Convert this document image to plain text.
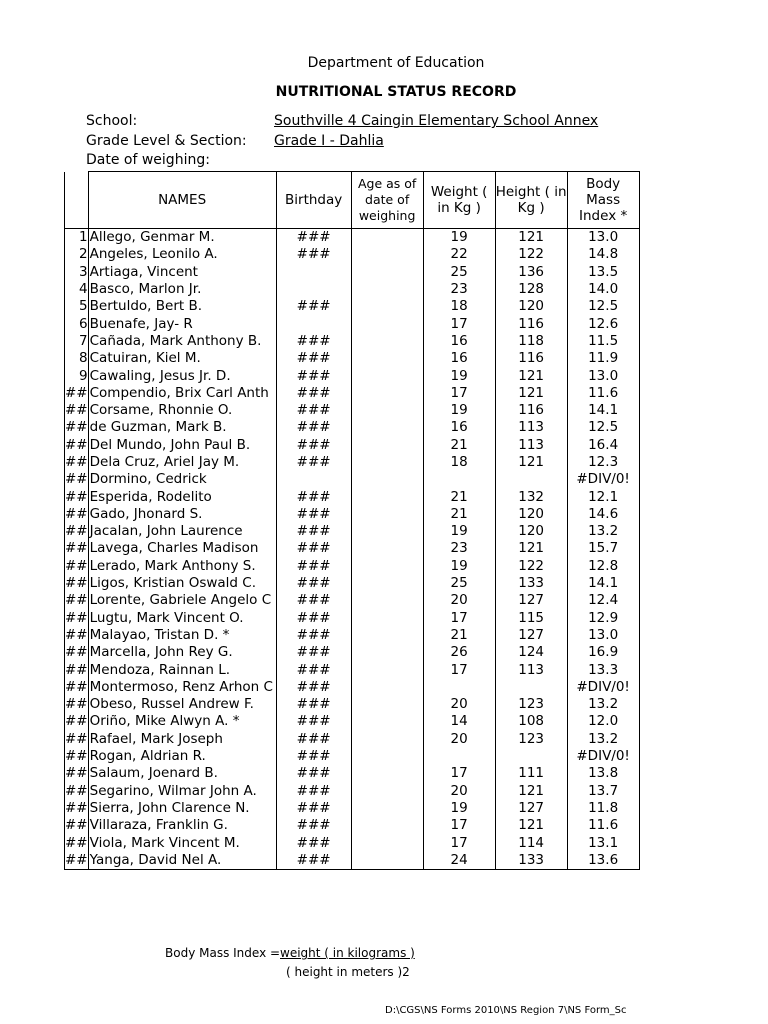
Department of Education
NUTRITIONAL STATUS RECORD
School:	Southville 4 Caingin Elementary School Annex
Grade Level & Section: Grade I - Dahlia
Date of weighing:
	NAMES	Birthday	Age as of date of weighing	Weight ( in Kg )	Height ( in Kg )	Body Mass Index *
1	Allego, Genmar M.	###		19	121	13.0
2	Angeles, Leonilo A.	###		22	122	14.8
3	Artiaga, Vincent			25	136	13.5
4	Basco, Marlon Jr.			23	128	14.0
5	Bertuldo, Bert B.	###		18	120	12.5
6	Buenafe, Jay- R			17	116	12.6
7	Cañada, Mark Anthony B.	###		16	118	11.5
8	Catuiran, Kiel M.	###		16	116	11.9
9	Cawaling, Jesus Jr. D.	###		19	121	13.0
##	Compendio, Brix Carl Anth	###		17	121	11.6
##	Corsame, Rhonnie O.	###		19	116	14.1
##	de Guzman, Mark B.	###		16	113	12.5
##	Del Mundo, John Paul B.	###		21	113	16.4
##	Dela Cruz, Ariel Jay M.	###		18	121	12.3
##	Dormino, Cedrick					#DIV/0!
##	Esperida, Rodelito	###		21	132	12.1
##	Gado, Jhonard S.	###		21	120	14.6
##	Jacalan, John Laurence	###		19	120	13.2
##	Lavega, Charles Madison	###		23	121	15.7
##	Lerado, Mark Anthony S.	###		19	122	12.8
##	Ligos, Kristian Oswald C.	###		25	133	14.1
##	Lorente, Gabriele Angelo C	###		20	127	12.4
##	Lugtu, Mark Vincent O.	###		17	115	12.9
##	Malayao, Tristan D. *	###		21	127	13.0
##	Marcella, John Rey G.	###		26	124	16.9
##	Mendoza, Rainnan L.	###		17	113	13.3
##	Montermoso, Renz Arhon C	###				#DIV/0!
##	Obeso, Russel Andrew F.	###		20	123	13.2
##	Oriño, Mike Alwyn A. *	###		14	108	12.0
##	Rafael, Mark Joseph	###		20	123	13.2
##	Rogan, Aldrian R.	###				#DIV/0!
##	Salaum, Joenard B.	###		17	111	13.8
##	Segarino, Wilmar John A.	###		20	121	13.7
##	Sierra, John Clarence N.	###		19	127	11.8
##	Villaraza, Franklin G.	###		17	121	11.6
##	Viola, Mark Vincent M.	###		17	114	13.1
##	Yanga, David Nel A.	###		24	133	13.6
Body Mass Index = weight ( in kilograms )
( height in meters )2
D:\CGS\NS Forms 2010\NS Region 7\NS Form_Sc
